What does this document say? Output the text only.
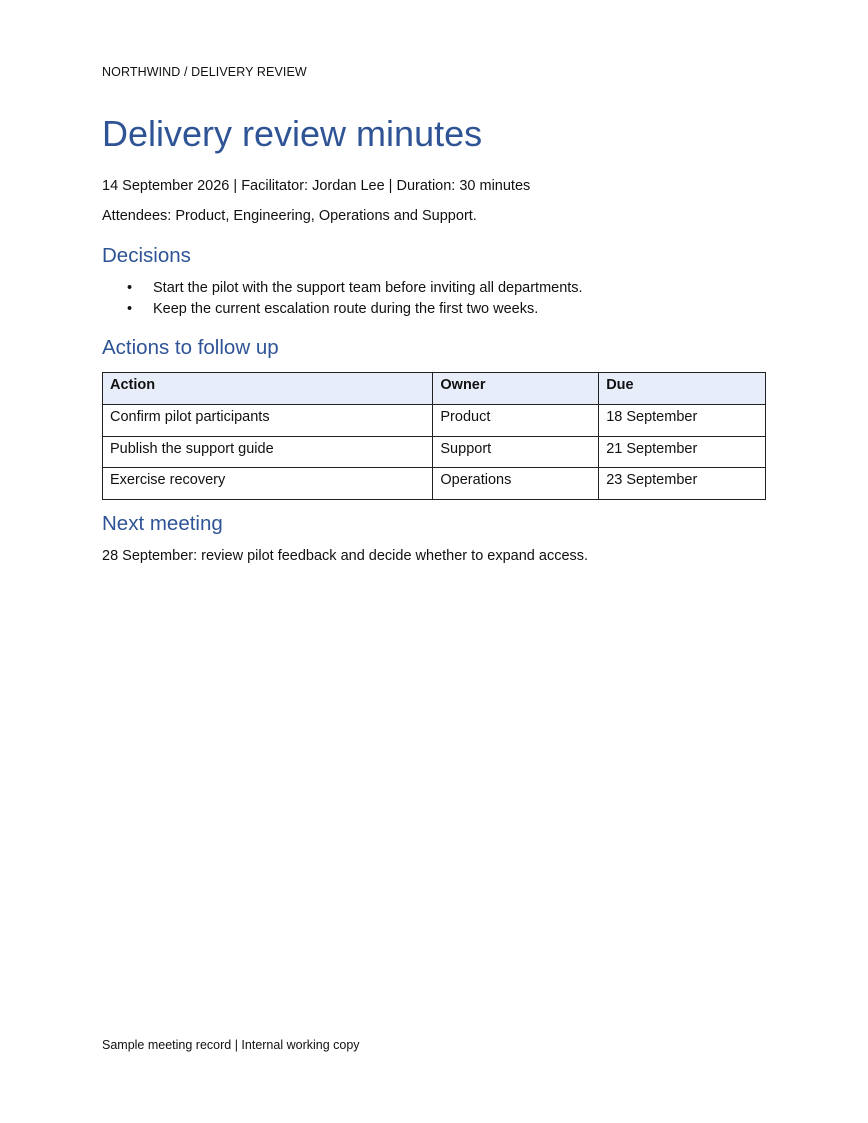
NORTHWIND / DELIVERY REVIEW
Delivery review minutes
14 September 2026 | Facilitator: Jordan Lee | Duration: 30 minutes
Attendees: Product, Engineering, Operations and Support.
Decisions
• Start the pilot with the support team before inviting all departments.
• Keep the current escalation route during the first two weeks.
Actions to follow up
Action	Owner	Due
Confirm pilot participants	Product	18 September
Publish the support guide	Support	21 September
Exercise recovery	Operations	23 September
Next meeting
28 September: review pilot feedback and decide whether to expand access.
Sample meeting record | Internal working copy
